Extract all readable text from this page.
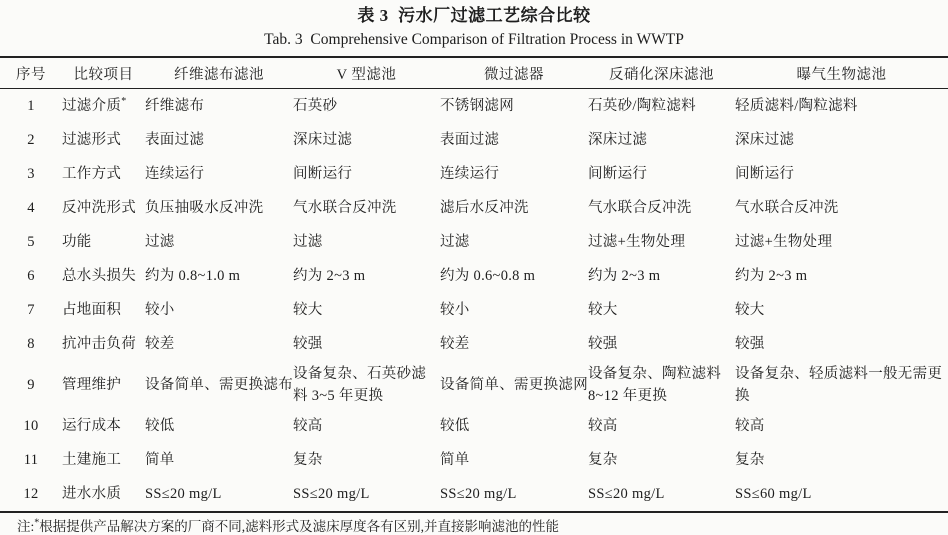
表 3  污水厂过滤工艺综合比较
Tab. 3  Comprehensive Comparison of Filtration Process in WWTP
序号	比较项目	纤维滤布滤池	V 型滤池	微过滤器	反硝化深床滤池	曝气生物滤池
1	过滤介质*	纤维滤布	石英砂	不锈钢滤网	石英砂/陶粒滤料	轻质滤料/陶粒滤料
2	过滤形式	表面过滤	深床过滤	表面过滤	深床过滤	深床过滤
3	工作方式	连续运行	间断运行	连续运行	间断运行	间断运行
4	反冲洗形式	负压抽吸水反冲洗	气水联合反冲洗	滤后水反冲洗	气水联合反冲洗	气水联合反冲洗
5	功能	过滤	过滤	过滤	过滤+生物处理	过滤+生物处理
6	总水头损失	约为 0.8~1.0 m	约为 2~3 m	约为 0.6~0.8 m	约为 2~3 m	约为 2~3 m
7	占地面积	较小	较大	较小	较大	较大
8	抗冲击负荷	较差	较强	较差	较强	较强
9	管理维护	设备简单、需更换滤布	设备复杂、石英砂滤料 3~5 年更换	设备简单、需更换滤网	设备复杂、陶粒滤料 8~12 年更换	设备复杂、轻质滤料一般无需更换
10	运行成本	较低	较高	较低	较高	较高
11	土建施工	简单	复杂	简单	复杂	复杂
12	进水水质	SS≤20 mg/L	SS≤20 mg/L	SS≤20 mg/L	SS≤20 mg/L	SS≤60 mg/L
注:*根据提供产品解决方案的厂商不同,滤料形式及滤床厚度各有区别,并直接影响滤池的性能
